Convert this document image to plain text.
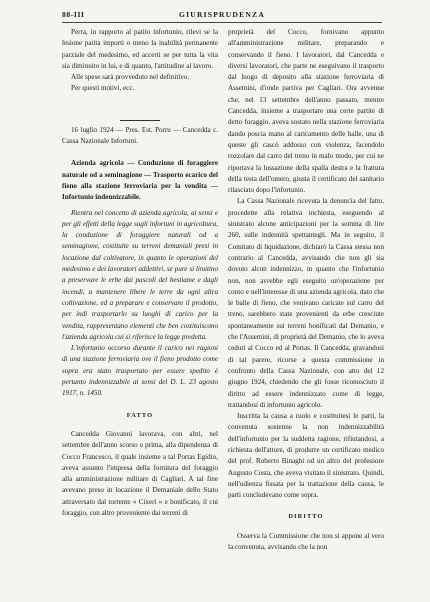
88-III	GIURISPRUDENZA

Perra, in rapporto al patito infortunio, rilevi se la lesione patita importi o meno la inabilità permanente parziale del medesimo, ed accerti se per tutta la vita sia diminuito in lui, e di quanto, l'attitudine al lavoro.

Alle spese sarà provveduto nel definitivo.

Per questi motivi, ecc.

16 luglio 1924 — Pres. Est. Porru — Cancedda c. Cassa Nazionale Infortuni.

Azienda agricola — Conduzione di foraggiere naturale od a seminagione — Trasporto ecarico del fieno alla stazione ferroviaria per la vendita — Infortunio indennizzabile.

Rientra nel concetto di azienda agricola, ai sensi e per gli effetti della legge sugli infortuni in agricoltura, la conduzione di foraggiere naturali od a seminagione, costituite su terreni demaniali presi in locazione dal coltivatore, in quanto le operazioni del medesimo e dei lavoratori addettivi, se pure si limitino a preservare le erbe dai pascoli del bestiame e dagli incendi, a mantenere libere le terre da ogni altra coltivazione, ed a preparare e conservare il prodotto, per indi trasportarlo su luoghi di carico per la vendita, rappresentano elementi che ben costituiscono l'azienda agricola cui si riferisce la legge predetta.

L'infortunio occorso durante il carico nei ragioni di una stazione ferroviaria ove il fieno prodotto come sopra era stato trasportato per essere spedito è pertanto indennizzabile ai sensi del D. L. 23 agosto 1917, n. 1450.

FATTO

Cancedda Giovanni lavorava, con altri, nel settembre dell'anno scorso e prima, alla dipendenza di Cocco Francesco, il quale insieme a tal Portas Egidio, aveva assunto l'impresa della fornitura del foraggio alla amministrazione militare di Cagliari. A tal fine avevano preso in locazione il Demaniale dello Stato attraversato dal torrente « Cixerì » e bonificato, il cui foraggio, con altro proveniente dai terreni di

proprietà del Cocco, fornivano appunto all'amministrazione militare, preparando e conservando il fieno. I lavoratori, dal Cancedda e diversi lavoratori, che parte ne eseguivano il trasporto dal luogo di deposito alla stazione ferroviaria di Assemini, d'onde partiva per Cagliari. Ora avvenne che, nel 13 settembre dell'anno passato, mentre Cancedda, insieme a trasportare una certe partite di detto foraggio, aveva sostato nella stazione ferroviaria dando poscia mano al caricamento delle balle, una di queste gli cascò addosso con violenza, facendolo rozzolare dal carro del treno in malo modo, per cui ne riportava la lussazione della spalla destra e la frattura della testa dell'omero, giusta il certificato del sanitario rilasciato dopo l'infortunio.

La Cassa Nazionale ricevuta la denuncia del fatto, procedette alla relativa inchiesta, eseguendo al sinistrato alcune anticipazioni per la somma di lire 260, sulle indennità spettantegli. Ma in seguito, il Comitato di liquidazione, dichiarò la Cassa stessa non contrario al Cancedda, avvisando che non gli sia dovuto alcun indennizzo, in quanto che l'infortunio non, non avrebbe egli eseguito un'operazione per conto e nell'interesse di una azienda agricola, dato che le balle di fieno, che venivano caricate sul carro del treno, sarebbero state provenienti da erbe cresciute spontaneamente sui terreni bonificati dal Demanio, e che l'Assemini, di proprietà del Demanio, che lo aveva ceduti al Cocco ed al Portas. Il Cancedda, gravandosi di tal parere, ricorse a questa commissione in confronto della Cassa Nazionale, con atto del 12 giugno 1924, chiedendo che gli fosse riconosciuto il diritto ad essere indennizzato come di legge, trattandosi di infortunio agricolo.

Inscritta la causa a ruolo e costituitesi le parti, la convenuta sostenne la non indennizzabilità dell'infortunio per la suddetta ragione, rifiutandosi, a richiesta dell'attore, di produrre un certificato medico del prof. Roberto Binaghi od un altro del professore Augusto Costa, che aveva visitato il sinistrato. Quindi, nell'udienza fissata per la trattazione della causa, le parti concludevano come sopra.

DIRITTO

Osserva la Commissione che non si appone al vero la convenuta, avvisando che la non
